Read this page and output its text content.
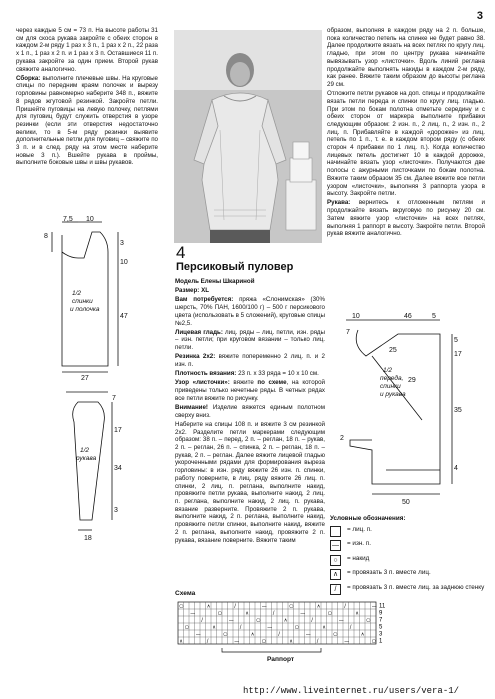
3

через каждые 5 см = 73 п. На высоте работы 31 см для скоса рукава закройте с обеих сторон в каждом 2-м ряду 1 раз х 3 п., 1 раз х 2 п., 22 раза х 1 п., 1 раз х 2 п. и 1 раз х 3 п. Оставшиеся 11 п. рукава закройте за один прием. Второй рукав свяжите аналогично.

Сборка: выполните плечевые швы. На круговые спицы по передним краям полочек и вырезу горловины равномерно наберите 348 п., вяжите 8 рядов жгутовой резинкой. Закройте петли. Пришейте пуговицы на левую полочку, петлями для пуговиц будут служить отверстия в узоре резинки (если эти отверстия недостаточно велики, то в 5-м ряду резинки выявите дополнительные петли для пуговиц – свяжите по 3 п. и в след. ряду на этом месте наберите новые 3 п.). Вшейте рукава в проймы, выполните боковые швы и швы рукавов.

4
Персиковый пуловер

Модель Елены Шкариной

Размер: XL

Вам потребуется: пряжа «Слонимская» (30% шерсть, 70% ПАН, 1600/100 г) – 500 г персикового цвета (использовать в 5 сложений), круговые спицы №2,5.

Лицевая гладь: лиц. ряды – лиц. петли, изн. ряды – изн. петли; при круговом вязании – только лиц. петли.

Резинка 2х2: вяжите попеременно 2 лиц. п. и 2 изн. п.

Плотность вязания: 23 п. х 33 ряда = 10 х 10 см.

Узор «листочки»: вяжите по схеме, на которой приведены только нечетные ряды. В четных рядах все петли вяжите по рисунку.

Внимание! Изделие вяжется единым полотном сверху вниз.

Наберите на спицы 108 п. и вяжите 3 см резинкой 2х2. Разделите петли маркерами следующим образом: 38 п. – перед, 2 п. – реглан, 18 п. – рукав, 2 п. – реглан, 26 п. – спинка, 2 п. – реглан, 18 п. – рукав, 2 п. – реглан. Далее вяжите лицевой гладью укороченными рядами для формирования выреза горловины: в изн. ряду вяжите 26 изн. п. спинки, работу поверните, в лиц. ряду вяжите 26 лиц. п. спинки, 2 лиц. п. реглана, выполните накид, провяжите петли рукава, выполните накид, 2 лиц. п. реглана, выполните накид, 2 лиц. п. рукава, вязание разверните. Провяжите 2 п. рукава, выполните накид, 2 п. реглана, выполните накид, провяжите петли спинки, выполните накид, вяжите 2 п. реглана, выполните накид, провяжите 2 п. рукава, вязание поверните. Вяжите таким

образом, выполняя в каждом ряду на 2 п. больше, пока количество петель на спинке не будет равно 38. Далее продолжите вязать на всех петлях по кругу лиц. гладью, при этом по центру рукава начинайте вывязывать узор «листочки». Вдоль линий реглана продолжайте выполнять накиды в каждом 2-м ряду, как ранее. Вяжите таким образом до высоты реглана 29 см.

Отложите петли рукавов на доп. спицы и продолжайте вязать петли переда и спинки по кругу лиц. гладью. При этом по бокам полотна отметьте середину и с обеих сторон от маркера выполните прибавки следующим образом: 2 изн. п., 2 лиц. п., 2 изн. п., 2 лиц. п. Прибавляйте в каждой «дорожке» из лиц. петель по 1 п., т. е. в каждом втором ряду (с обеих сторон 4 прибавки по 1 лиц. п.). Когда количество лицевых петель достигнет 10 в каждой дорожке, начинайте вязать узор «листочки». Получаются две полосы с ажурными листочками по бокам полотна. Вяжите таким образом 35 см. Далее вяжите все петли узором «листочки», выполняя 3 раппорта узора в высоту. Закройте петли.

Рукава: вернитесь к отложенным петлям и продолжайте вязать вкруговую по рисунку 20 см. Затем вяжите узор «листочки» на всех петлях, выполняя 1 раппорт в высоту. Закройте петли. Второй рукав вяжите аналогично.

7,5 10
8
3
10
47
27
1/2
спинки
и полочка
7
17
34
3
18
1/2
рукава
10	46	5
7
5
25
29
2
4
35
50
17
1/2
переда,
спинки
и рукава
○	∧	/	—	○	∧	/	—
—	○	∧	/	—	○	∧
/	—	○	∧	/	—	○
○	∧	/	—	○	∧	/
—	○	∧	/	—	○	∧
∧	/	—	○	∧	/	—	○
11
9
7
5
3
1
Условные обозначения:
= лиц. п.
—	= изн. п.
○	= накид
∧	= провязать 3 п. вместе лиц.
/	= провязать 3 п. вместе лиц. за заднюю стенку
Схема
Раппорт
http://www.liveinternet.ru/users/vera-1/
